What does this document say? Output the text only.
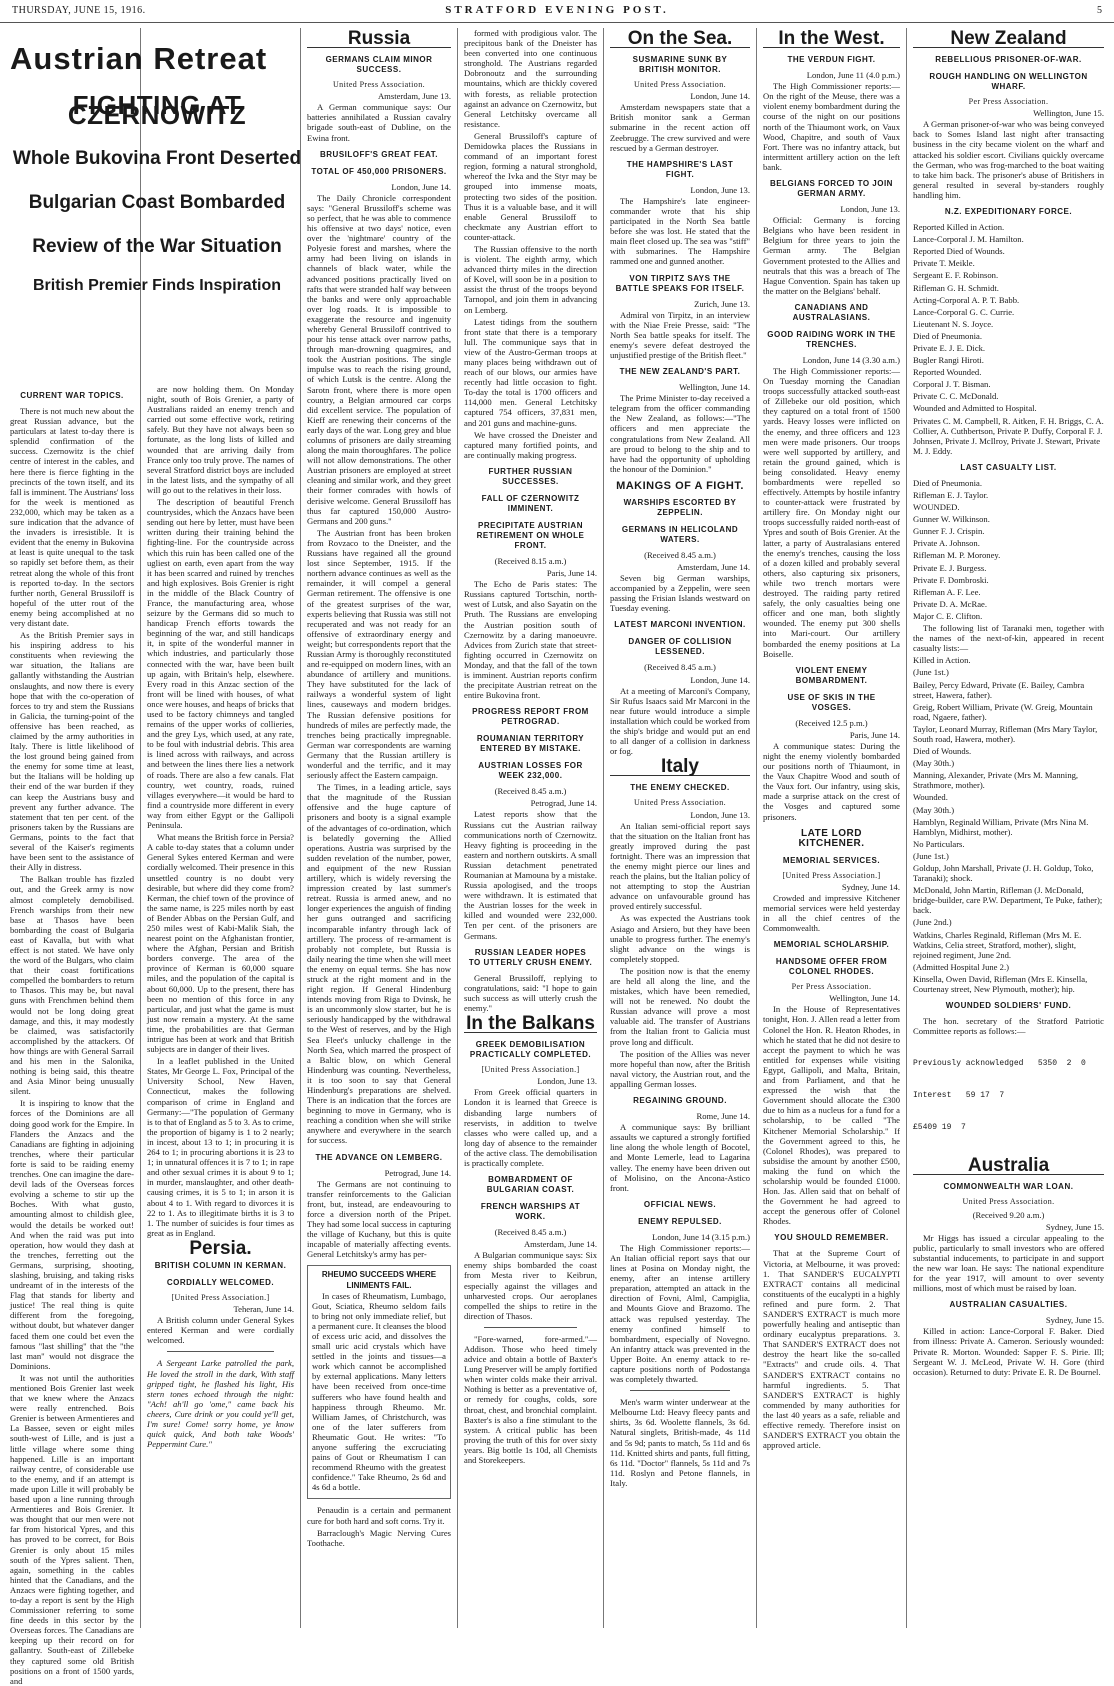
THURSDAY, JUNE 15, 1916.	STRATFORD EVENING POST.	5
Austrian Retreat
FIGHTING AT CZERNOWITZ
Whole Bukovina Front Deserted
Bulgarian Coast Bombarded
Review of the War Situation
British Premier Finds Inspiration
CURRENT WAR TOPICS.

There is not much new about the great Russian advance, but the particulars at latest to-day there is splendid confirmation of the success. Czernowitz is the chief centre of interest in the cables, and here there is fierce fighting in the precincts of the town itself, and its fall is imminent. The Austrians' loss for the week is mentioned as 232,000, which may be taken as a sure indication that the advance of the invaders is irresistible. It is evident that the enemy in Bukovina at least is quite unequal to the task so rapidly set before them, as their retreat along the whole of this front is reported to-day. In the sectors further north, General Brussiloff is hopeful of the utter rout of the enemy being accomplished at no very distant date.

As the British Premier says in his inspiring address to his constituents when reviewing the war situation, the Italians are gallantly withstanding the Austrian onslaughts, and now there is every hope that with the co-operation of forces to try and stem the Russians in Galicia, the turning-point of the offensive has been reached, as claimed by the army authorities in Italy. There is little likelihood of the lost ground being gained from the enemy for some time at least, but the Italians will be holding up their end of the war burden if they can keep the Austrians busy and prevent any further advance. The statement that ten per cent. of the prisoners taken by the Russians are Germans, points to the fact that several of the Kaiser's regiments have been sent to the assistance of their Ally in distress.

The Balkan trouble has fizzled out, and the Greek army is now almost completely demobilised. French warships from their new base at Thasos have been bombarding the coast of Bulgaria east of Kavalla, but with what effect is not stated. We have only the word of the Bulgars, who claim that their coast fortifications compelled the bombarders to return to Thasos. This may be, but naval guns with Frenchmen behind them would not be long doing great damage, and this, it may modestly be claimed, was satisfactorily accomplished by the attackers. Of how things are with General Sarrail and his men in the Salonika, nothing is being said, this theatre and Asia Minor being unusually silent.

It is inspiring to know that the forces of the Dominions are all doing good work for the Empire. In Flanders the Anzacs and the Canadians are fighting in adjoining trenches, where their particular forte is said to be raiding enemy trenches. One can imagine the dare-devil lads of the Overseas forces evolving a scheme to stir up the Boches. With what gusto, amounting almost to childish glee, would the details be worked out! And when the raid was put into operation, how would they dash at the trenches, ferretting out the Germans, surprising, shooting, slashing, bruising, and taking risks undreamt of in the interests of the Flag that stands for liberty and justice! The real thing is quite different from the foregoing, without doubt, but whatever danger faced them one could bet even the famous "last shilling" that the "the last man" would not disgrace the Dominions.

It was not until the authorities mentioned Bois Grenier last week that we knew where the Anzacs were really entrenched. Bois Grenier is between Armentieres and La Bassee, seven or eight miles south-west of Lille, and is just a little village where some thing happened. Lille is an important railway centre, of considerable use to the enemy, and if an attempt is made upon Lille it will probably be based upon a line running through Armentieres and Bois Grenier. It was thought that our men were not far from historical Ypres, and this has proved to be correct, for Bois Grenier is only about 15 miles south of the Ypres salient. Then, again, something in the cables hinted that the Canadians, and the Anzacs were fighting together, and to-day a report is sent by the High Commissioner referring to some fine deeds in this sector by the Overseas forces. The Canadians are keeping up their record on for gallantry. South-east of Zillebeke they captured some old British positions on a front of 1500 yards, and

are now holding them. On Monday night, south of Bois Grenier, a party of Australians raided an enemy trench and carried out some effective work, retiring safely. But they have not always been so fortunate, as the long lists of killed and wounded that are arriving daily from France only too truly prove. The names of several Stratford district boys are included in the latest lists, and the sympathy of all will go out to the relatives in their loss.

The description of beautiful French countrysides, which the Anzacs have been sending out here by letter, must have been written during their training behind the fighting-line. For the countryside across which this ruin has been called one of the ugliest on earth, even apart from the way it has been scarred and ruined by trenches and high explosives. Bois Grenier is right in the middle of the Black Country of France, the manufacturing area, whose seizure by the Germans did so much to handicap French efforts towards the beginning of the war, and still handicaps it, in spite of the wonderful manner in which industries, and particularly those connected with the war, have been built up again, with Britain's help, elsewhere. Every road in this Anzac section of the front will be lined with houses, of what once were houses, and heaps of bricks that used to be factory chimneys and tangled remains of the upper works of collieries, and the grey Lys, which used, at any rate, to be foul with industrial debris. This area is lined across with railways, and across and between the lines there lies a network of roads. There are also a few canals. Flat country, wet country, roads, ruined villages everywhere—it would be hard to find a countryside more different in every way from either Egypt or the Gallipoli Peninsula.

What means the British force in Persia? A cable to-day states that a column under General Sykes entered Kerman and were cordially welcomed. Their presence in this unsettled country is no doubt very desirable, but where did they come from? Kerman, the chief town of the province of the same name, is 225 miles north by east of Bender Abbas on the Persian Gulf, and 250 miles west of Kabi-Malik Siah, the nearest point on the Afghanistan frontier, where the Afghan, Persian and British borders converge. The area of the province of Kerman is 60,000 square miles, and the population of the capital is about 60,000. Up to the present, there has been no mention of this force in any particular, and just what the game is must just now remain a mystery. At the same time, the probabilities are that German intrigue has been at work and that British subjects are in danger of their lives.

In a leaflet published in the United States, Mr George L. Fox, Principal of the University School, New Haven, Connecticut, makes the following comparison of crime in England and Germany:—"The population of Germany is to that of England as 5 to 3. As to crime, the proportion of bigamy is 1 to 2 nearly; in incest, about 13 to 1; in procuring it is 264 to 1; in procuring abortions it is 23 to 1; in unnatural offences it is 7 to 1; in rape and other sexual crimes it is about 9 to 1; in murder, manslaughter, and other death-causing crimes, it is 5 to 1; in arson it is about 4 to 1. With regard to divorces it is 22 to 1. As to illegitimate births it is 3 to 1. The number of suicides is four times as great as in England.

Persia.
BRITISH COLUMN IN KERMAN.
CORDIALLY WELCOMED.
[United Press Association.]
Teheran, June 14.

A British column under General Sykes entered Kerman and were cordially welcomed.

A Sergeant Larke patrolled the park, He loved the stroll in the dark, With staff gripped tight, he flashed his light, His stern tones echoed through the night: "Ach! ah'll go 'ome," came back his cheers, Cure drink or you could ye'll get, I'm sure! Come! sorry home, ye know quick quick, And both take Woods' Peppermint Cure."

Russia
GERMANS CLAIM MINOR SUCCESS.
United Press Association.
Amsterdam, June 13.

A German communique says: Our batteries annihilated a Russian cavalry brigade south-east of Dubline, on the Ewina front.

BRUSILOFF'S GREAT FEAT.
TOTAL OF 450,000 PRISONERS.
London, June 14.

The Daily Chronicle correspondent says: "General Brussiloff's scheme was so perfect, that he was able to commence his offensive at two days' notice, even over the 'nightmare' country of the Polyesie forest and marshes, where the army had been living on islands in channels of black water, while the advanced positions practically lived on rafts that were stranded half way between the banks and were only approachable over log roads. It is impossible to exaggerate the resource and ingenuity whereby General Brussiloff contrived to pour his tense attack over narrow paths, through man-drowning quagmires, and took the Austrian positions. The single impulse was to reach the rising ground, of which Lutsk is the centre. Along the Sarotn front, where there is more open country, a Belgian armoured car corps did excellent service. The population of Kieff are renewing their concerns of the early days of the war. Long grey and blue columns of prisoners are daily streaming along the main thoroughfares. The police will not allow demonstrations. The other Austrian prisoners are employed at street cleaning and similar work, and they greet their former comrades with howls of derisive welcome. General Brussiloff has thus far captured 150,000 Austro-Germans and 200 guns."

The Austrian front has been broken from Rovzaco to the Dneister, and the Russians have regained all the ground lost since September, 1915. If the northern advance continues as well as the remainder, it will compel a general German retirement. The offensive is one of the greatest surprises of the war, experts believing that Russia was still not recuperated and was not ready for an offensive of extraordinary energy and weight; but correspondents report that the Russian Army is thoroughly reconstituted and re-equipped on modern lines, with an abundance of artillery and munitions. They have substituted for the lack of railways a wonderful system of light lines, causeways and modern bridges. The Russian defensive positions for hundreds of miles are perfectly made, the trenches being practically impregnable. German war correspondents are warning Germany that the Russian artillery is wonderful and the terrific, and it may seriously affect the Eastern campaign.

The Times, in a leading article, says that the magnitude of the Russian offensive and the huge capture of prisoners and booty is a signal example of the advantages of co-ordination, which is belatedly governing the Allied operations. Austria was surprised by the sudden revelation of the number, power, and equipment of the new Russian artillery, which is widely reversing the impression created by last summer's retreat. Russia is armed anew, and no longer experiences the anguish of finding her guns outranged and sacrificing incomparable infantry through lack of artillery. The process of re-armament is probably not complete, but Russia is daily nearing the time when she will meet the enemy on equal terms. She has now struck at the right moment and in the right region. If General Hindenburg intends moving from Riga to Dvinsk, he is an uncommonly slow starter, but he is seriously handicapped by the withdrawal to the West of reserves, and by the High Sea Fleet's unlucky challenge in the North Sea, which marred the prospect of a Baltic blow, on which General Hindenburg was counting. Nevertheless, it is too soon to say that General Hindenburg's preparations are shelved. There is an indication that the forces are beginning to move in Germany, who is reaching a condition when she will strike anywhere and everywhere in the search for success.

THE ADVANCE ON LEMBERG.
Petrograd, June 14.

The Germans are not continuing to transfer reinforcements to the Galician front, but, instead, are endeavouring to force a diversion north of the Pripet. They had some local success in capturing the village of Kuchany, but this is quite incapable of materially affecting events. General Letchitsky's army has per-

RHEUMO SUCCEEDS WHERE LINIMENTS FAIL.

In cases of Rheumatism, Lumbago, Gout, Sciatica, Rheumo seldom fails to bring not only immediate relief, but a permanent cure. It cleanses the blood of excess uric acid, and dissolves the small uric acid crystals which have settled in the joints and tissues—a work which cannot be accomplished by external applications. Many letters have been received from once-time sufferers who have found health and happiness through Rheumo. Mr. William James, of Christchurch, was one of the later sufferers from Rheumatic Gout. He writes: "To anyone suffering the excruciating pains of Gout or Rheumatism I can recommend Rheumo with the greatest confidence." Take Rheumo, 2s 6d and 4s 6d a bottle.

Penaudin is a certain and permanent cure for both hard and soft corns. Try it.

Barraclough's Magic Nerving Cures Toothache.

formed with prodigious valor. The precipitous bank of the Dneister has been converted into one continuous stronghold. The Austrians regarded Dobronoutz and the surrounding mountains, which are thickly covered with forests, as reliable protection against an advance on Czernowitz, but General Letchitsky overcame all resistance.

General Brussiloff's capture of Demidowka places the Russians in command of an important forest region, forming a natural stronghold, whereof the Ivka and the Styr may be grouped into immense moats, protecting two sides of the position. Thus it is a valuable base, and it will enable General Brussiloff to checkmate any Austrian effort to counter-attack.

The Russian offensive to the north is violent. The eighth army, which advanced thirty miles in the direction of Kovel, will soon be in a position to assist the thrust of the troops beyond Tarnopol, and join them in advancing on Lemberg.

Latest tidings from the southern front state that there is a temporary lull. The communique says that in view of the Austro-German troops at many places being withdrawn out of reach of our blows, our armies have recently had little occasion to fight. To-day the total is 1700 officers and 114,000 men. General Letchitsky captured 754 officers, 37,831 men, and 201 guns and machine-guns.

We have crossed the Dneister and captured many fortified points, and are continually making progress.

FURTHER RUSSIAN SUCCESSES.
FALL OF CZERNOWITZ IMMINENT.
PRECIPITATE AUSTRIAN RETIREMENT ON WHOLE FRONT.
(Received 8.15 a.m.)
Paris, June 14.

The Echo de Paris states: The Russians captured Tortschin, north-west of Lutsk, and also Sayatin on the Pruth. The Russians are enveloping the Austrian position south of Czernowitz by a daring manoeuvre. Advices from Zurich state that street-fighting occurred in Czernowitz on Monday, and that the fall of the town is imminent. Austrian reports confirm the precipitate Austrian retreat on the entire Bukovina front.

PROGRESS REPORT FROM PETROGRAD.
ROUMANIAN TERRITORY ENTERED BY MISTAKE.
AUSTRIAN LOSSES FOR WEEK 232,000.
(Received 8.45 a.m.)
Petrograd, June 14.

Latest reports show that the Russians cut the Austrian railway communications north of Czernowitz. Heavy fighting is proceeding in the eastern and northern outskirts. A small Russian detachment penetrated Roumanian at Mamouna by a mistake. Russia apologised, and the troops were withdrawn. It is estimated that the Austrian losses for the week in killed and wounded were 232,000. Ten per cent. of the prisoners are Germans.

RUSSIAN LEADER HOPES TO UTTERLY CRUSH ENEMY.

General Brussiloff, replying to congratulations, said: "I hope to gain such success as will utterly crush the enemy."

In the Balkans
GREEK DEMOBILISATION PRACTICALLY COMPLETED.
[United Press Association.]
London, June 13.

From Greek official quarters in London it is learned that Greece is disbanding large numbers of reservists, in addition to twelve classes who were called up, and a long day of absence to the remainder of the active class. The demobilisation is practically complete.

BOMBARDMENT OF BULGARIAN COAST.
FRENCH WARSHIPS AT WORK.
(Received 8.45 a.m.)
Amsterdam, June 14.

A Bulgarian communique says: Six enemy ships bombarded the coast from Mesta river to Keibrun, especially against the villages and unharvested crops. Our aeroplanes compelled the ships to retire in the direction of Thasos.

"Fore-warned, fore-armed."—Addison. Those who heed timely advice and obtain a bottle of Baxter's Lung Preserver will be amply fortified when winter colds make their arrival. Nothing is better as a preventative of, or remedy for coughs, colds, sore throat, chest, and bronchial complaint. Baxter's is also a fine stimulant to the system. A critical public has been proving the truth of this for over sixty years. Big bottle 1s 10d, all Chemists and Storekeepers.

On the Sea.
SUSMARINE SUNK BY BRITISH MONITOR.
United Press Association.
London, June 14.

Amsterdam newspapers state that a British monitor sank a German submarine in the recent action off Zeebrugge. The crew survived and were rescued by a German destroyer.

THE HAMPSHIRE'S LAST FIGHT.
London, June 13.

The Hampshire's late engineer-commander wrote that his ship participated in the North Sea battle before she was lost. He stated that the main fleet closed up. The sea was "stiff" with submarines. The Hampshire rammed one and gunned another.

VON TIRPITZ SAYS THE BATTLE SPEAKS FOR ITSELF.
Zurich, June 13.

Admiral von Tirpitz, in an interview with the Niae Freie Presse, said: "The North Sea battle speaks for itself. The enemy's severe defeat destroyed the unjustified prestige of the British fleet."

THE NEW ZEALAND'S PART.
Wellington, June 14.

The Prime Minister to-day received a telegram from the officer commanding the New Zealand, as follows:—"The officers and men appreciate the congratulations from New Zealand. All are proud to belong to the ship and to have had the opportunity of upholding the honour of the Dominion."

MAKINGS OF A FIGHT.
WARSHIPS ESCORTED BY ZEPPELIN.
GERMANS IN HELICOLAND WATERS.
(Received 8.45 a.m.)
Amsterdam, June 14.

Seven big German warships, accompanied by a Zeppelin, were seen passing the Frisian Islands westward on Tuesday evening.

LATEST MARCONI INVENTION.
DANGER OF COLLISION LESSENED.
(Received 8.45 a.m.)
London, June 14.

At a meeting of Marconi's Company, Sir Rufus Isaacs said Mr Marconi in the near future would introduce a simple installation which could be worked from the ship's bridge and would put an end to all danger of a collision in darkness or fog.

Italy
THE ENEMY CHECKED.
United Press Association.
London, June 13.

An Italian semi-official report says that the situation on the Italian front has greatly improved during the past fortnight. There was an impression that the enemy might pierce our lines and reach the plains, but the Italian policy of not attempting to stop the Austrian advance on unfavourable ground has proved entirely successful.

As was expected the Austrians took Asiago and Arsiero, but they have been unable to progress further. The enemy's slight advance on the wings is completely stopped.

The position now is that the enemy are held all along the line, and the mistakes, which have been remedied, will not be renewed. No doubt the Russian advance will prove a most valuable aid. The transfer of Austrians from the Italian front to Galicia must prove long and difficult.

The position of the Allies was never more hopeful than now, after the British naval victory, the Austrian rout, and the appalling German losses.

REGAINING GROUND.
Rome, June 14.

A communique says: By brilliant assaults we captured a strongly fortified line along the whole length of Bocotel, and Monte Lemerle, lead to Lagarina valley. The enemy have been driven out of Molisino, on the Ancona-Astico front.

OFFICIAL NEWS.
ENEMY REPULSED.
London, June 14 (3.15 p.m.)

The High Commissioner reports:—An Italian official report says that our lines at Posina on Monday night, the enemy, after an intense artillery preparation, attempted an attack in the direction of Fovni, Alml, Campiglia, and Mounts Giove and Brazomo. The attack was repulsed yesterday. The enemy confined himself to bombardment, especially of Novegno. An infantry attack was prevented in the Upper Boite. An enemy attack to re-capture positions north of Podostanga was completely thwarted.

Men's warm winter underwear at the Melbourne Ltd: Heavy fleecy pants and shirts, 3s 6d. Woolette flannels, 3s 6d. Natural singlets, British-made, 4s 11d and 5s 9d; pants to match, 5s 11d and 6s 11d. Knitted shirts and pants, full fitting, 6s 11d. "Doctor" flannels, 5s 11d and 7s 11d. Roslyn and Petone flannels, in Italy.

In the West.
THE VERDUN FIGHT.
London, June 11 (4.0 p.m.)

The High Commissioner reports:—On the right of the Meuse, there was a violent enemy bombardment during the course of the night on our positions north of the Thiaumont work, on Vaux Wood, Chapitre, and south of Vaux Fort. There was no infantry attack, but intermittent artillery action on the left bank.

BELGIANS FORCED TO JOIN GERMAN ARMY.
London, June 13.

Official: Germany is forcing Belgians who have been resident in Belgium for three years to join the German army. The Belgian Government protested to the Allies and neutrals that this was a breach of The Hague Convention. Spain has taken up the matter on the Belgians' behalf.

CANADIANS AND AUSTRALASIANS.
GOOD RAIDING WORK IN THE TRENCHES.
London, June 14 (3.30 a.m.)

The High Commissioner reports:—On Tuesday morning the Canadian troops successfully attacked south-east of Zillebeke our old position, which they captured on a total front of 1500 yards. Heavy losses were inflicted on the enemy, and three officers and 123 men were made prisoners. Our troops were well supported by artillery, and retain the ground gained, which is being consolidated. Heavy enemy bombardments were repelled so effectively. Attempts by hostile infantry to counter-attack were frustrated by artillery fire. On Monday night our troops successfully raided north-east of Ypres and south of Bois Grenier. At the latter, a party of Australasians entered the enemy's trenches, causing the loss of a dozen killed and probably several others, also capturing six prisoners, while two trench mortars were destroyed. The raiding party retired safely, the only casualties being one officer and one man, both slightly wounded. The enemy put 300 shells into Mari-court. Our artillery bombarded the enemy positions at La Boiselle.

VIOLENT ENEMY BOMBARDMENT.
USE OF SKIS IN THE VOSGES.
(Received 12.5 p.m.)
Paris, June 14.

A communique states: During the night the enemy violently bombarded our positions north of Thiaumont, in the Vaux Chapitre Wood and south of the Vaux fort. Our infantry, using skis, made a surprise attack on the crest of the Vosges and captured some prisoners.

LATE LORD KITCHENER.
MEMORIAL SERVICES.
[United Press Association.]
Sydney, June 14.

Crowded and impressive Kitchener memorial services were held yesterday in all the chief centres of the Commonwealth.

MEMORIAL SCHOLARSHIP.
HANDSOME OFFER FROM COLONEL RHODES.
Per Press Association.
Wellington, June 14.

In the House of Representatives tonight, Hon. J. Allen read a letter from Colonel the Hon. R. Heaton Rhodes, in which he stated that he did not desire to accept the payment to which he was entitled for expenses while visiting Egypt, Gallipoli, and Malta, Britain, and from Parliament, and that he expressed the wish that the Government should allocate the £300 due to him as a nucleus for a fund for a scholarship, to be called "The Kitchener Memorial Scholarship." If the Government agreed to this, he (Colonel Rhodes), was prepared to subsidise the amount by another £500, making the fund on which the scholarship would be founded £1000. Hon. Jas. Allen said that on behalf of the Government he had agreed to accept the generous offer of Colonel Rhodes.

YOU SHOULD REMEMBER.

That at the Supreme Court of Victoria, at Melbourne, it was proved: 1. That SANDER'S EUCALYPTI EXTRACT contains all medicinal constituents of the eucalypti in a highly refined and pure form. 2. That SANDER'S EXTRACT is much more powerfully healing and antiseptic than ordinary eucalyptus preparations. 3. That SANDER'S EXTRACT does not destroy the heart like the so-called "Extracts" and crude oils. 4. That SANDER'S EXTRACT contains no harmful ingredients. 5. That SANDER'S EXTRACT is highly commended by many authorities for the last 40 years as a safe, reliable and effective remedy. Therefore insist on SANDER'S EXTRACT you obtain the approved article.

New Zealand
REBELLIOUS PRISONER-OF-WAR.
ROUGH HANDLING ON WELLINGTON WHARF.
Per Press Association.
Wellington, June 15.

A German prisoner-of-war who was being conveyed back to Somes Island last night after transacting business in the city became violent on the wharf and attacked his soldier escort. Civilians quickly overcame the German, who was frog-marched to the boat waiting to take him back. The prisoner's abuse of Britishers in general resulted in several by-standers roughly handling him.

N.Z. EXPEDITIONARY FORCE.

Reported Killed in Action.

Lance-Corporal J. M. Hamilton.

Reported Died of Wounds.

Private T. Meikle.

Sergeant E. F. Robinson.

Rifleman G. H. Schmidt.

Acting-Corporal A. P. T. Babb.

Lance-Corporal G. C. Currie.

Lieutenant N. S. Joyce.

Died of Pneumonia.

Private E. J. E. Dick.

Bugler Rangi Hiroti.

Reported Wounded.

Corporal J. T. Bisman.

Private C. C. McDonald.

Wounded and Admitted to Hospital.

Privates C. M. Campbell, R. Aitken, F. H. Briggs, C. A. Collier, A. Cuthbertson, Private P. Duffy, Corporal F. J. Johnsen, Private J. McIlroy, Private J. Stewart, Private M. J. Eddy.

LAST CASUALTY LIST.

Died of Pneumonia.

Rifleman E. J. Taylor.

WOUNDED.

Gunner W. Wilkinson.

Gunner F. J. Crispin.

Private A. Johnson.

Rifleman M. P. Moroney.

Private E. J. Burgess.

Private F. Dombroski.

Rifleman A. F. Lee.

Private D. A. McRae.

Major C. E. Clifton.

The following list of Taranaki men, together with the names of the next-of-kin, appeared in recent casualty lists:—

Killed in Action.

(June 1st.)

Bailey, Percy Edward, Private (E. Bailey, Cambra street, Hawera, father).

Greig, Robert William, Private (W. Greig, Mountain road, Ngaere, father).

Taylor, Leonard Murray, Rifleman (Mrs Mary Taylor, South road, Hawera, mother).

Died of Wounds.

(May 30th.)

Manning, Alexander, Private (Mrs M. Manning, Strathmore, mother).

Wounded.

(May 30th.)

Hamblyn, Reginald William, Private (Mrs Nina M. Hamblyn, Midhirst, mother).

No Particulars.

(June 1st.)

Goldup, John Marshall, Private (J. H. Goldup, Toko, Taranaki); shock.

McDonald, John Martin, Rifleman (J. McDonald, bridge-builder, care P.W. Department, Te Puke, father); back.

(June 2nd.)

Watkins, Charles Reginald, Rifleman (Mrs M. E. Watkins, Celia street, Stratford, mother), slight, rejoined regiment, June 2nd.

(Admitted Hospital June 2.)

Kinsella, Owen David, Rifleman (Mrs E. Kinsella, Courtenay street, New Plymouth, mother); hip.

WOUNDED SOLDIERS' FUND.

The hon. secretary of the Stratford Patriotic Committee reports as follows:—

Previously acknowledged   5350  2  0

Interest   59 17  7

£5409 19  7

Australia
COMMONWEALTH WAR LOAN.
United Press Association.
(Received 9.20 a.m.)
Sydney, June 15.

Mr Higgs has issued a circular appealing to the public, particularly to small investors who are offered substantial inducements, to participate in and support the new war loan. He says: The national expenditure for the year 1917, will amount to over seventy millions, most of which must be raised by loan.

AUSTRALIAN CASUALTIES.
Sydney, June 15.

Killed in action: Lance-Corporal F. Baker. Died from illness: Private A. Cameron. Seriously wounded: Private R. Morton. Wounded: Sapper F. S. Pirie. Ill; Sergeant W. J. McLeod, Private W. H. Gore (third occasion). Returned to duty: Private E. R. De Bournel.
